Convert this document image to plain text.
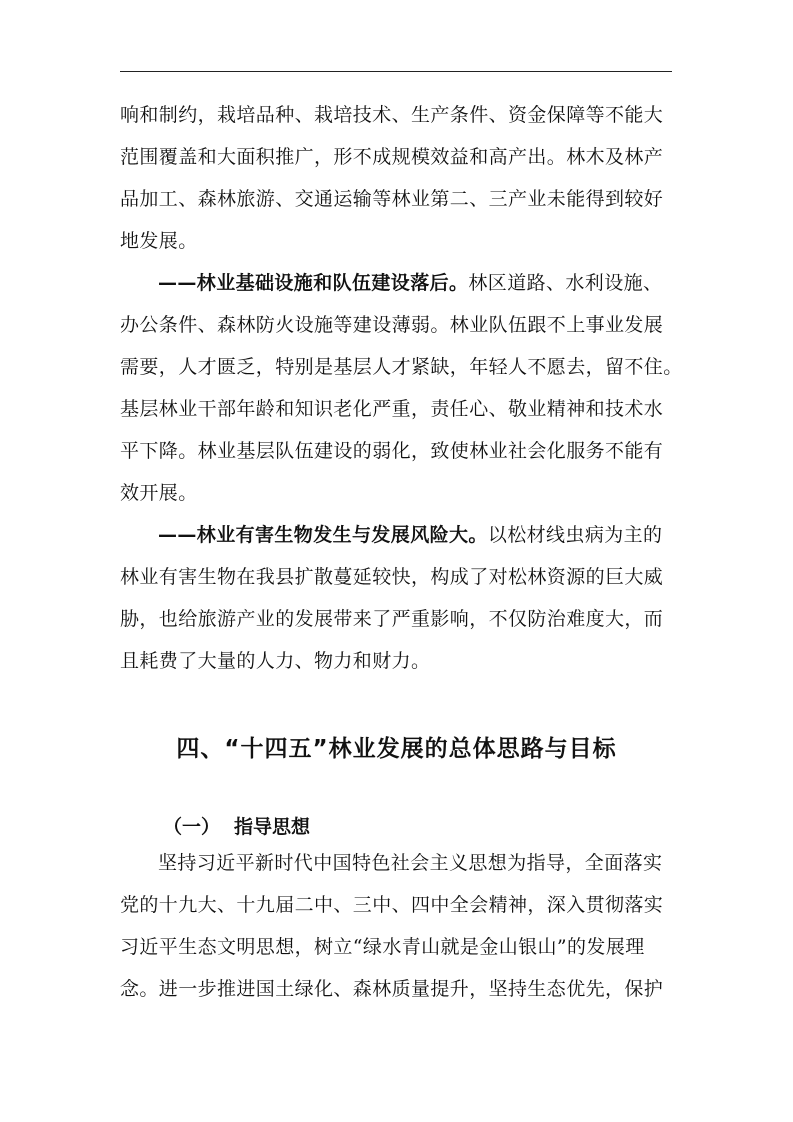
响和制约，栽培品种、栽培技术、生产条件、资金保障等不能大
范围覆盖和大面积推广，形不成规模效益和高产出。林木及林产
品加工、森林旅游、交通运输等林业第二、三产业未能得到较好
地发展。
——林业基础设施和队伍建设落后。林区道路、水利设施、
办公条件、森林防火设施等建设薄弱。林业队伍跟不上事业发展
需要，人才匮乏，特别是基层人才紧缺，年轻人不愿去，留不住。
基层林业干部年龄和知识老化严重，责任心、敬业精神和技术水
平下降。林业基层队伍建设的弱化，致使林业社会化服务不能有
效开展。
——林业有害生物发生与发展风险大。以松材线虫病为主的
林业有害生物在我县扩散蔓延较快，构成了对松林资源的巨大威
胁，也给旅游产业的发展带来了严重影响，不仅防治难度大，而
且耗费了大量的人力、物力和财力。
四、“十四五”林业发展的总体思路与目标
（一） 指导思想
坚持习近平新时代中国特色社会主义思想为指导，全面落实
党的十九大、十九届二中、三中、四中全会精神，深入贯彻落实
习近平生态文明思想，树立“绿水青山就是金山银山”的发展理
念。进一步推进国土绿化、森林质量提升，坚持生态优先，保护
